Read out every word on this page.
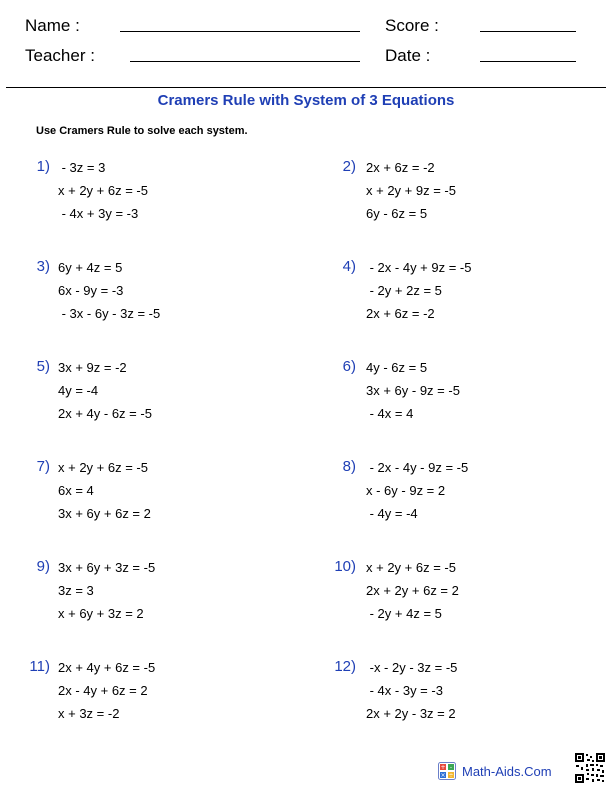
Name :	Score :
Teacher :	Date :
Cramers Rule with System of 3 Equations
Use Cramers Rule to solve each system.
1) - 3z = 3
x + 2y + 6z = -5
- 4x + 3y = -3
3) 6y + 4z = 5
6x - 9y = -3
- 3x - 6y - 3z = -5
5) 3x + 9z = -2
4y = -4
2x + 4y - 6z = -5
7) x + 2y + 6z = -5
6x = 4
3x + 6y + 6z = 2
9) 3x + 6y + 3z = -5
3z = 3
x + 6y + 3z = 2
11) 2x + 4y + 6z = -5
2x - 4y + 6z = 2
x + 3z = -2
2) 2x + 6z = -2
x + 2y + 9z = -5
6y - 6z = 5
4) - 2x - 4y + 9z = -5
- 2y + 2z = 5
2x + 6z = -2
6) 4y - 6z = 5
3x + 6y - 9z = -5
- 4x = 4
8) - 2x - 4y - 9z = -5
x - 6y - 9z = 2
- 4y = -4
10) x + 2y + 6z = -5
2x + 2y + 6z = 2
- 2y + 4z = 5
12) -x - 2y - 3z = -5
- 4x - 3y = -3
2x + 2y - 3z = 2
+ -
× ÷ Math-Aids.Com
